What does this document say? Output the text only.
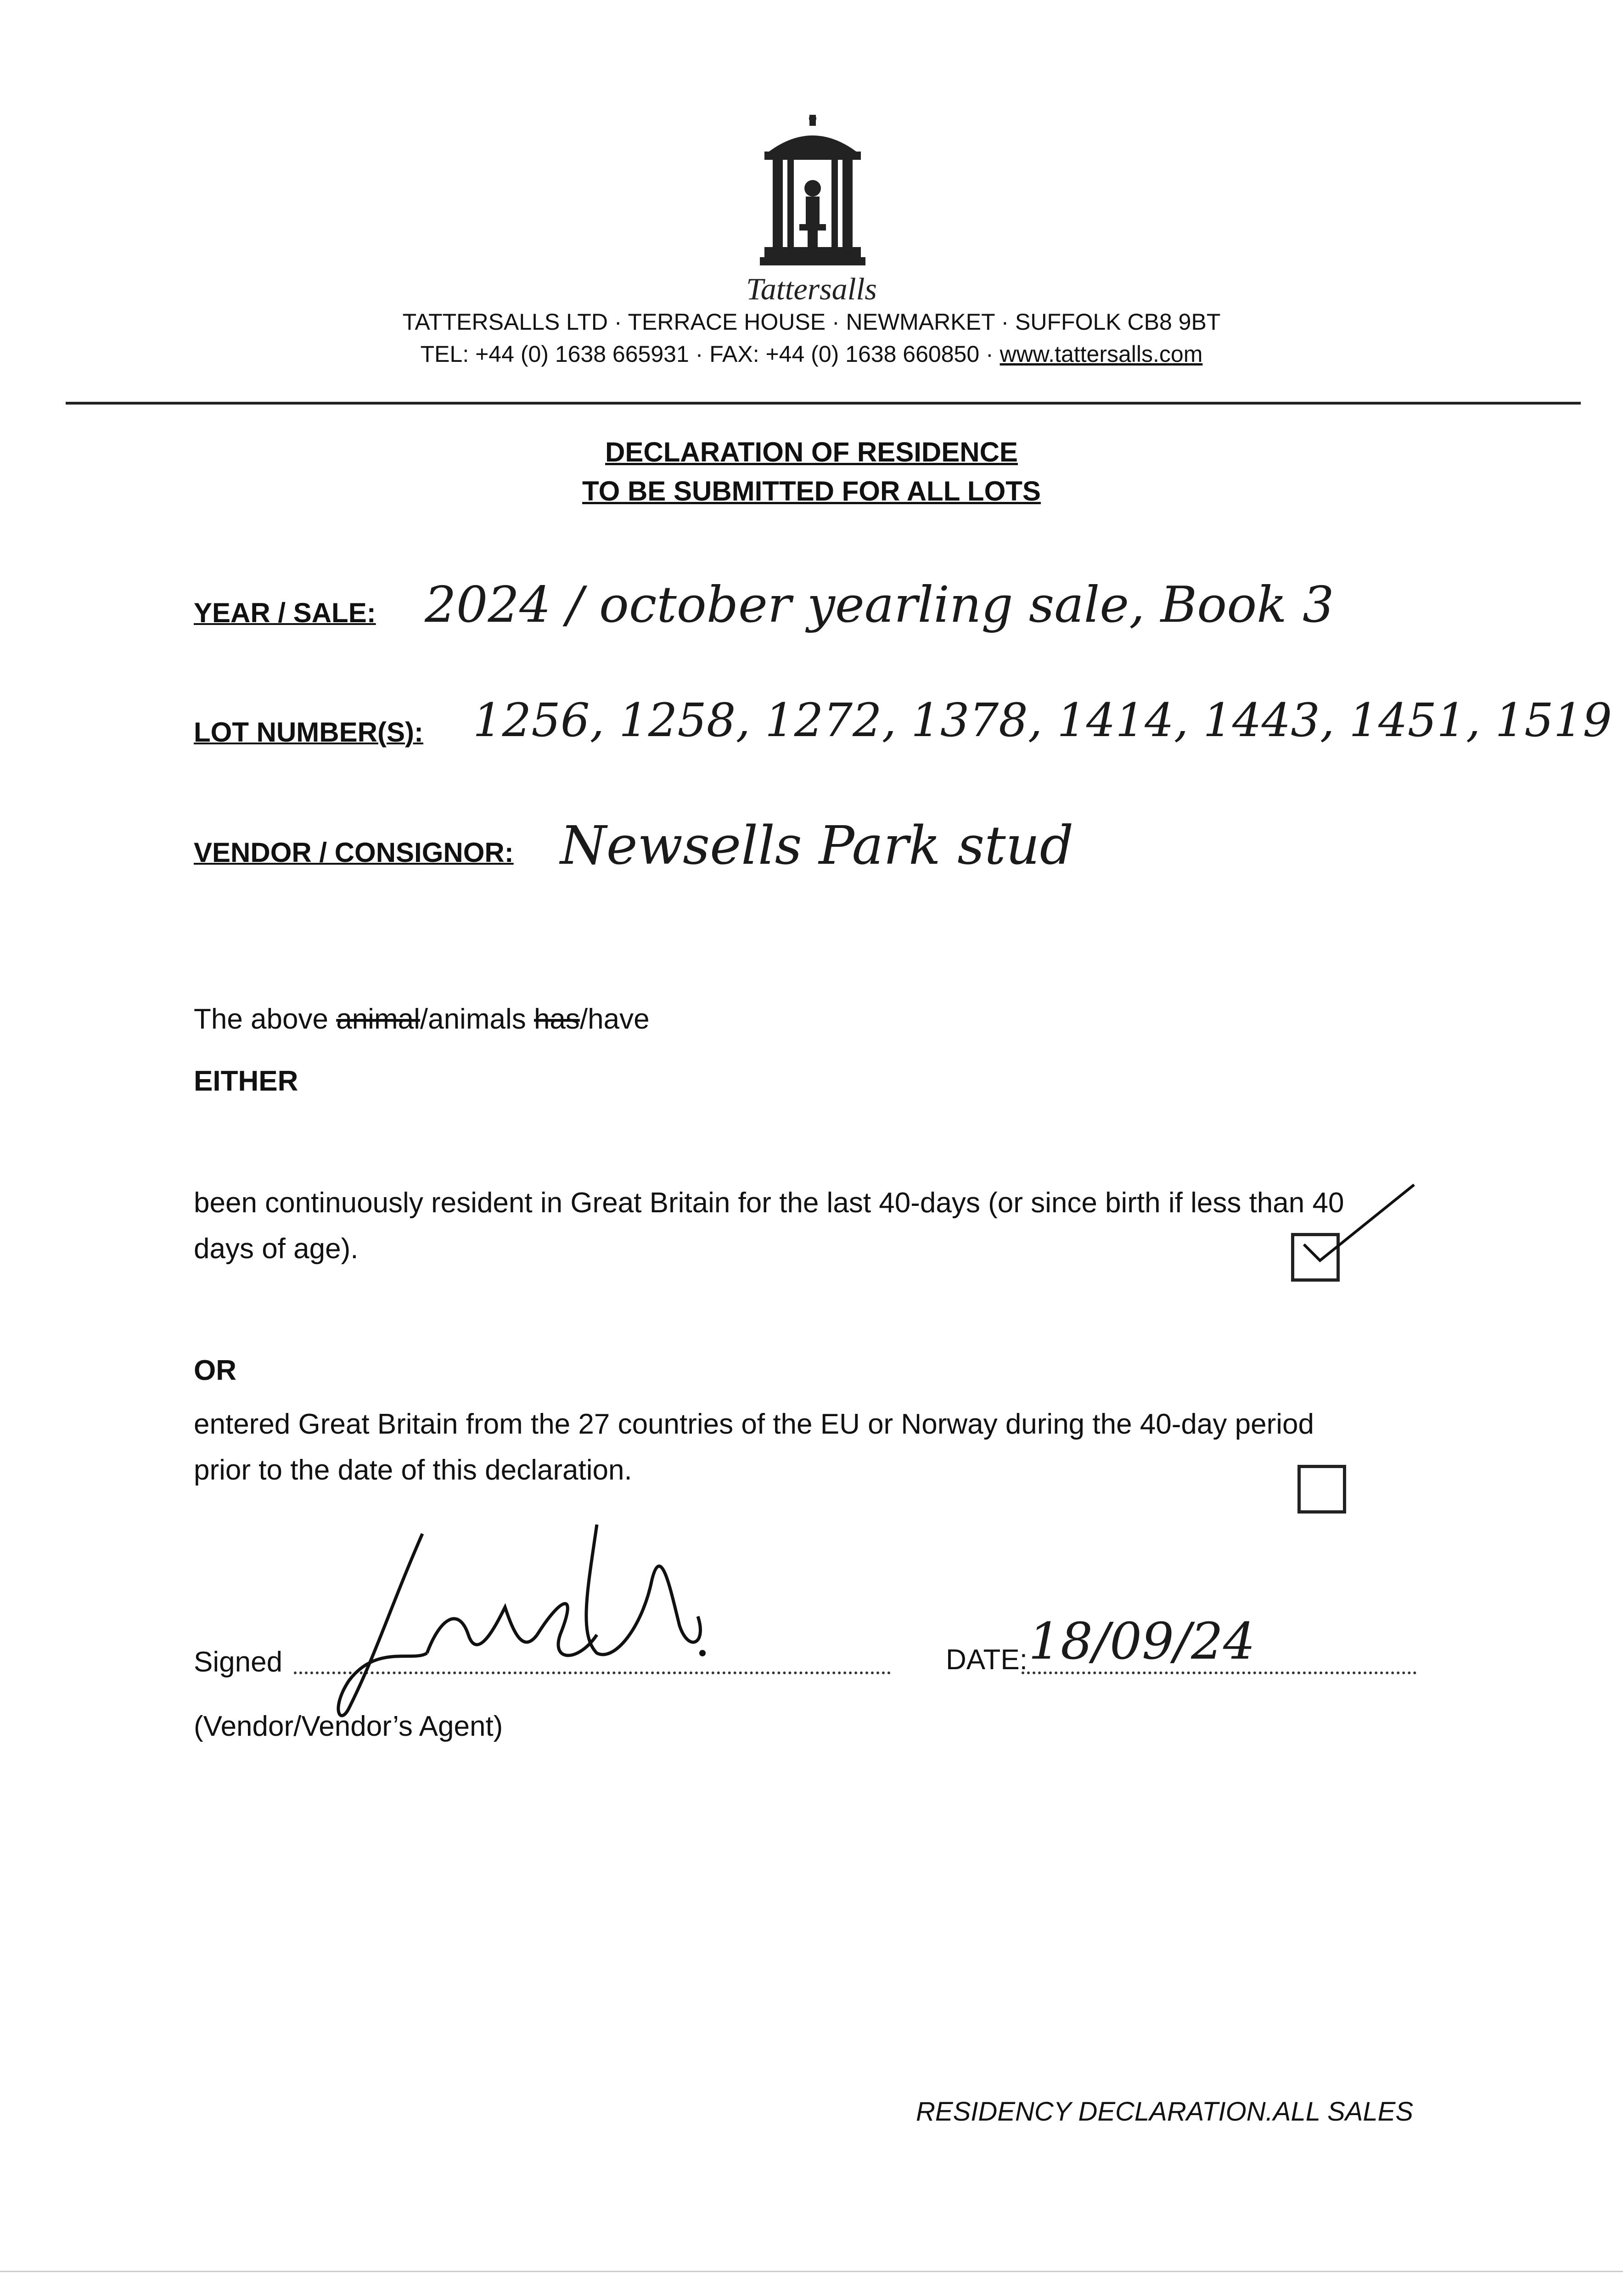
Tattersalls
TATTERSALLS LTD · TERRACE HOUSE · NEWMARKET · SUFFOLK CB8 9BT
TEL: +44 (0) 1638 665931 · FAX: +44 (0) 1638 660850 · www.tattersalls.com
DECLARATION OF RESIDENCE
TO BE SUBMITTED FOR ALL LOTS
YEAR / SALE: 2024 / october yearling sale, Book 3
LOT NUMBER(S): 1256, 1258, 1272, 1378, 1414, 1443, 1451, 1519
VENDOR / CONSIGNOR: Newsells Park stud
The above animal/animals has/have
EITHER
been continuously resident in Great Britain for the last 40-days (or since birth if less than 40
days of age).
OR
entered Great Britain from the 27 countries of the EU or Norway during the 40-day period
prior to the date of this declaration.
Signed
(Vendor/Vendor’s Agent)
DATE: 18/09/24
RESIDENCY DECLARATION.ALL SALES
